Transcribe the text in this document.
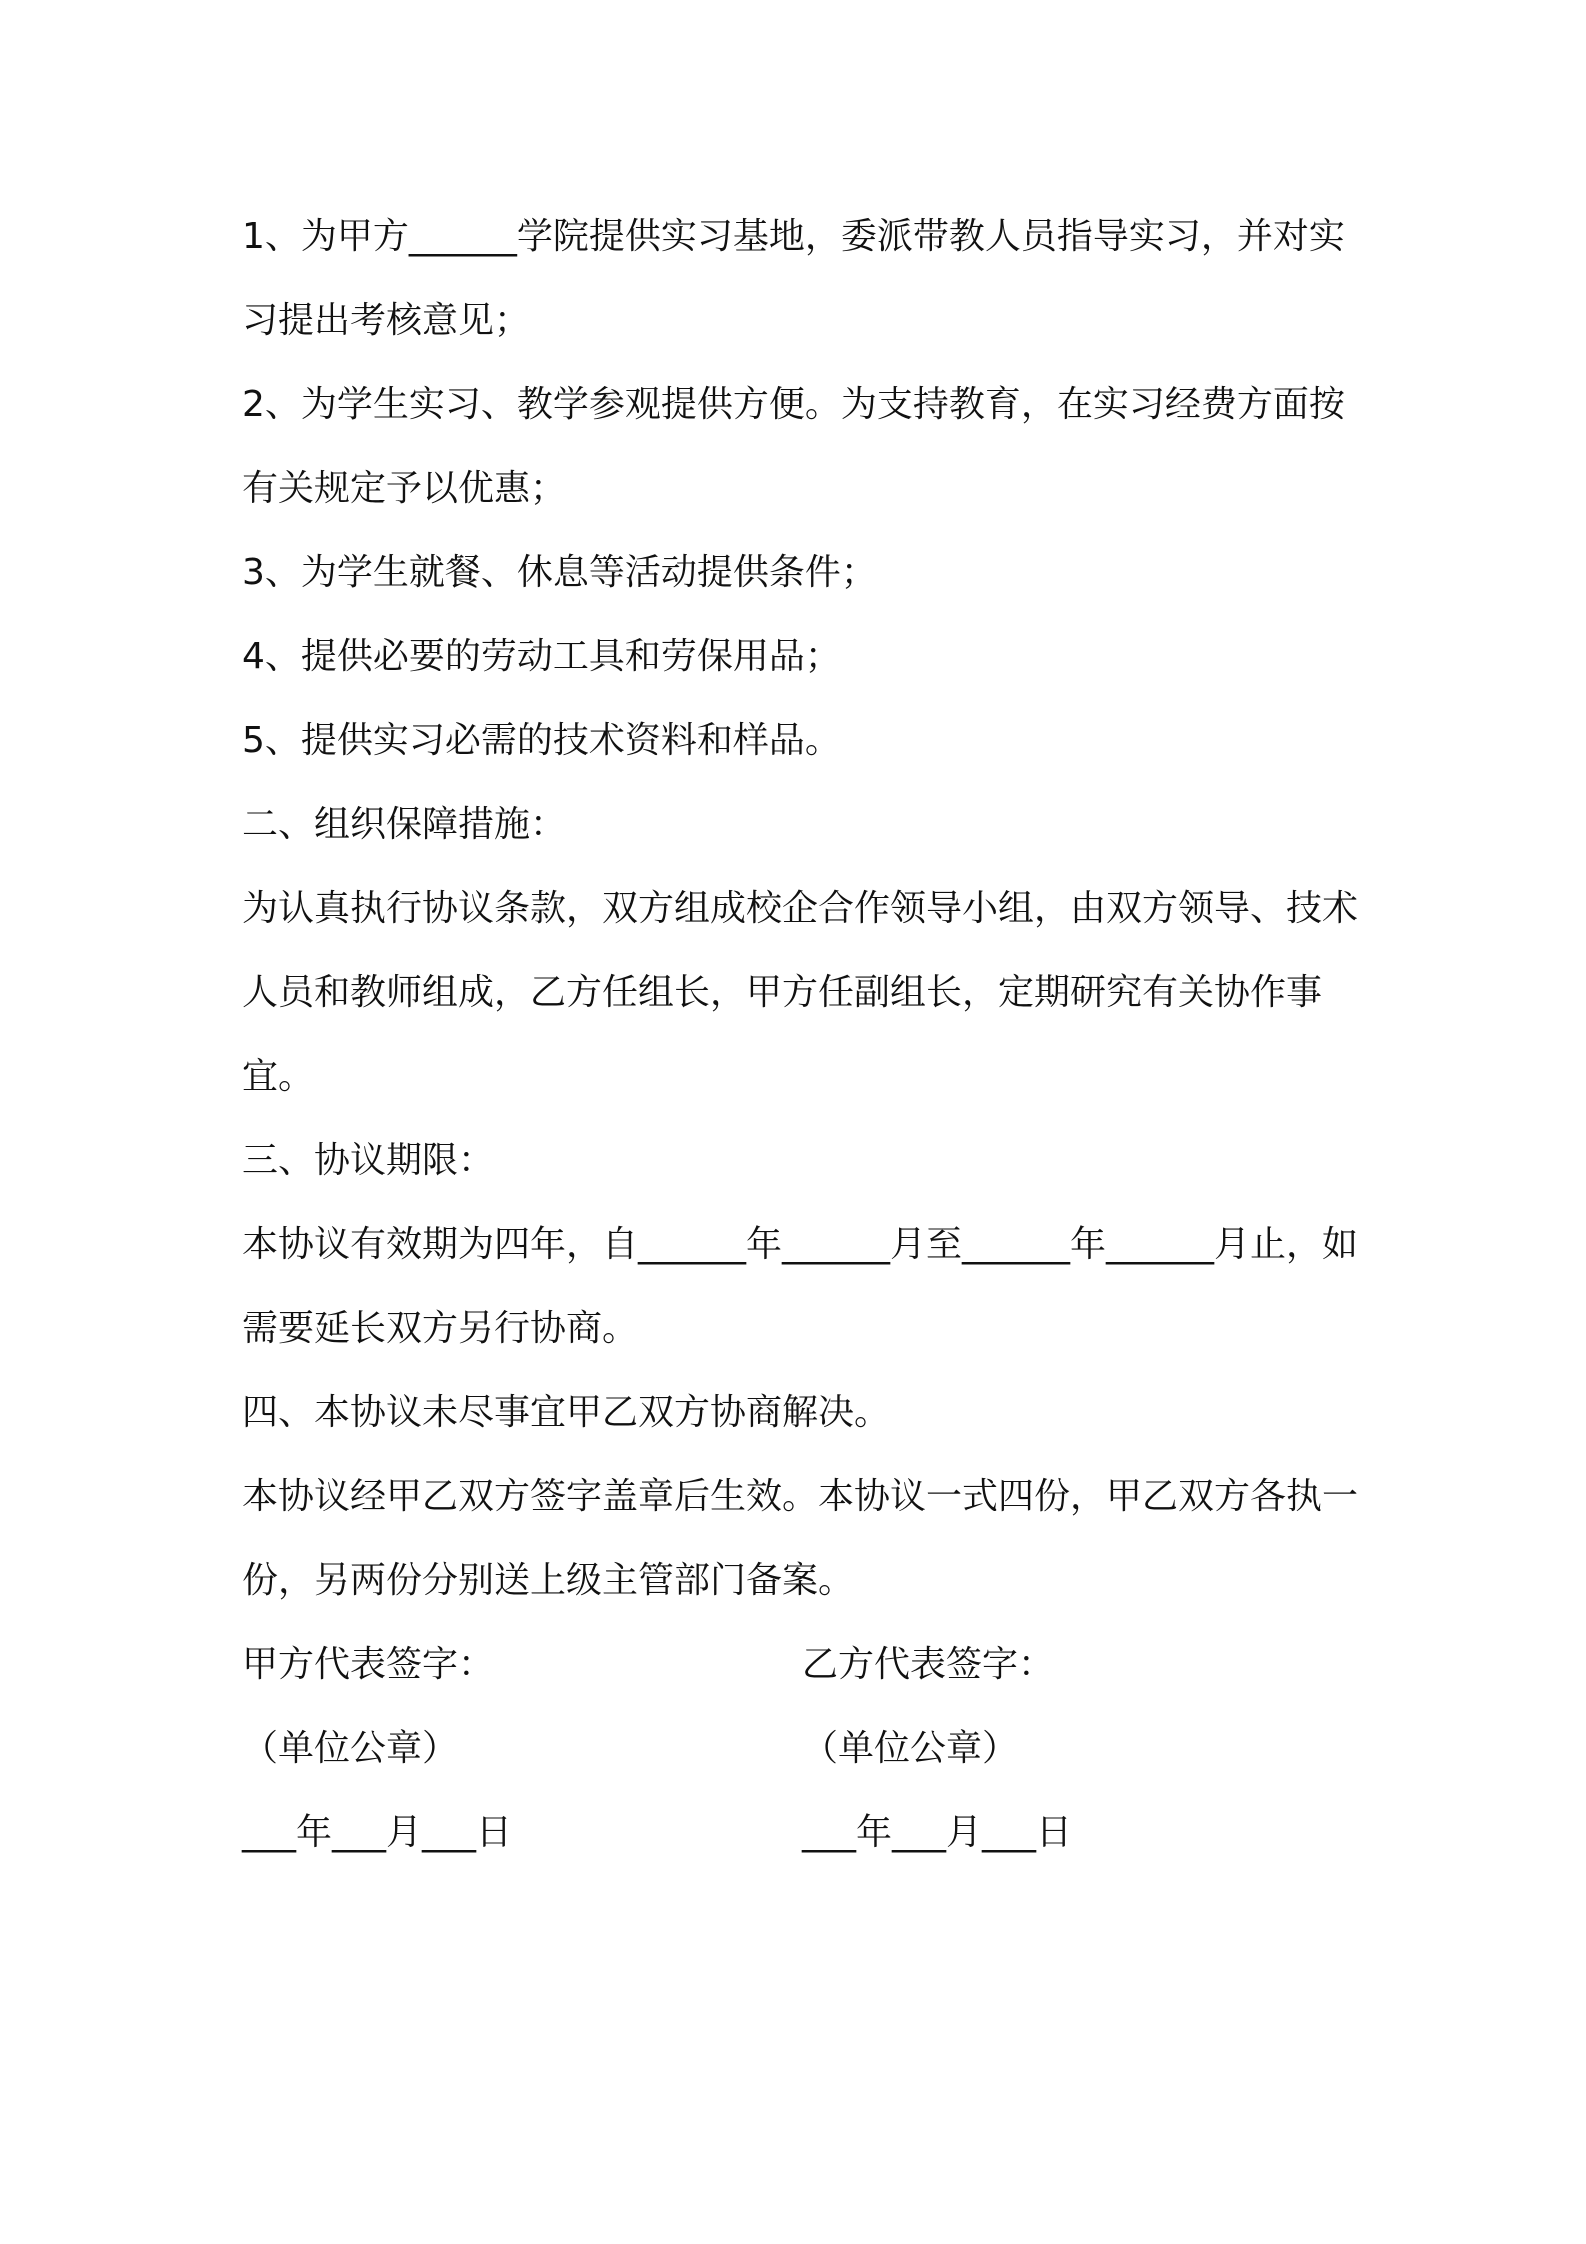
1、为甲方______学院提供实习基地，委派带教人员指导实习，并对实习提出考核意见；

2、为学生实习、教学参观提供方便。为支持教育，在实习经费方面按有关规定予以优惠；

3、为学生就餐、休息等活动提供条件；

4、提供必要的劳动工具和劳保用品；

5、提供实习必需的技术资料和样品。

二、组织保障措施：

为认真执行协议条款，双方组成校企合作领导小组，由双方领导、技术人员和教师组成，乙方任组长，甲方任副组长，定期研究有关协作事宜。

三、协议期限：

本协议有效期为四年，自______年______月至______年______月止，如需要延长双方另行协商。

四、本协议未尽事宜甲乙双方协商解决。

本协议经甲乙双方签字盖章后生效。本协议一式四份，甲乙双方各执一份，另两份分别送上级主管部门备案。

甲方代表签字：

（单位公章）

___年___月___日

乙方代表签字：

（单位公章）

___年___月___日
